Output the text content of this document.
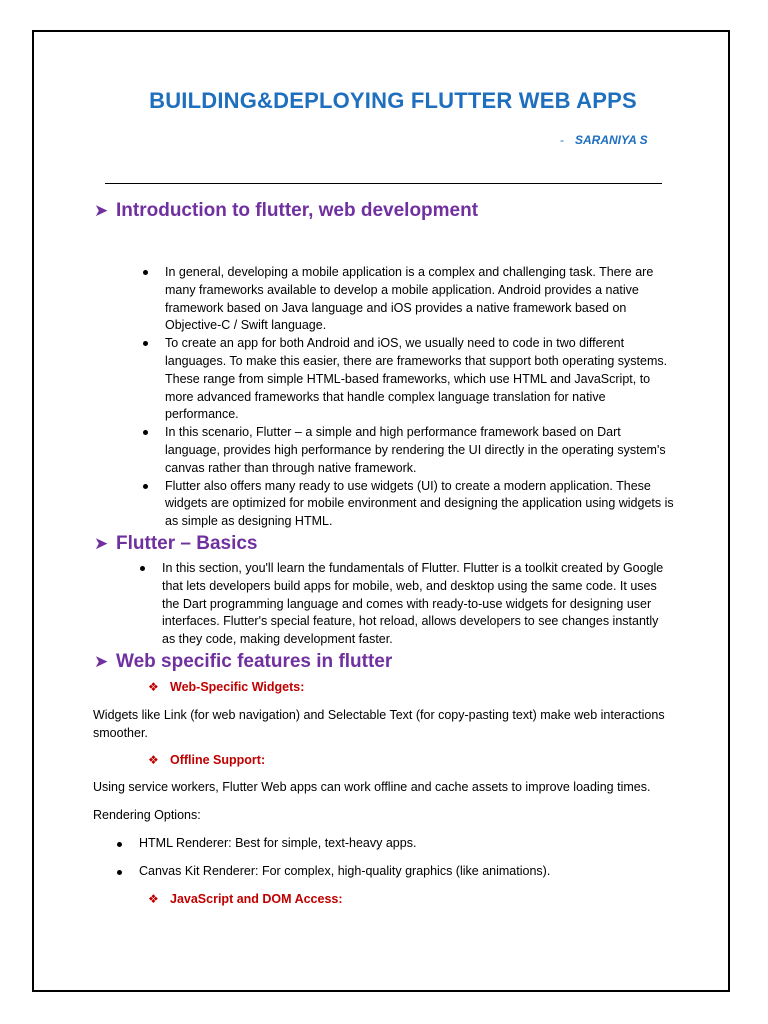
BUILDING&DEPLOYING FLUTTER WEB APPS
- SARANIYA S
➤ Introduction to flutter, web development
In general, developing a mobile application is a complex and challenging task. There are many frameworks available to develop a mobile application. Android provides a native framework based on Java language and iOS provides a native framework based on Objective-C / Swift language.
To create an app for both Android and iOS, we usually need to code in two different languages. To make this easier, there are frameworks that support both operating systems. These range from simple HTML-based frameworks, which use HTML and JavaScript, to more advanced frameworks that handle complex language translation for native performance.
In this scenario, Flutter – a simple and high performance framework based on Dart language, provides high performance by rendering the UI directly in the operating system's canvas rather than through native framework.
Flutter also offers many ready to use widgets (UI) to create a modern application. These widgets are optimized for mobile environment and designing the application using widgets is as simple as designing HTML.
➤ Flutter – Basics
In this section, you'll learn the fundamentals of Flutter. Flutter is a toolkit created by Google that lets developers build apps for mobile, web, and desktop using the same code. It uses the Dart programming language and comes with ready-to-use widgets for designing user interfaces. Flutter's special feature, hot reload, allows developers to see changes instantly as they code, making development faster.
➤ Web specific features in flutter
❖ Web-Specific Widgets:
Widgets like Link (for web navigation) and Selectable Text (for copy-pasting text) make web interactions smoother.
❖ Offline Support:
Using service workers, Flutter Web apps can work offline and cache assets to improve loading times.
Rendering Options:
HTML Renderer: Best for simple, text-heavy apps.
Canvas Kit Renderer: For complex, high-quality graphics (like animations).
❖ JavaScript and DOM Access:
